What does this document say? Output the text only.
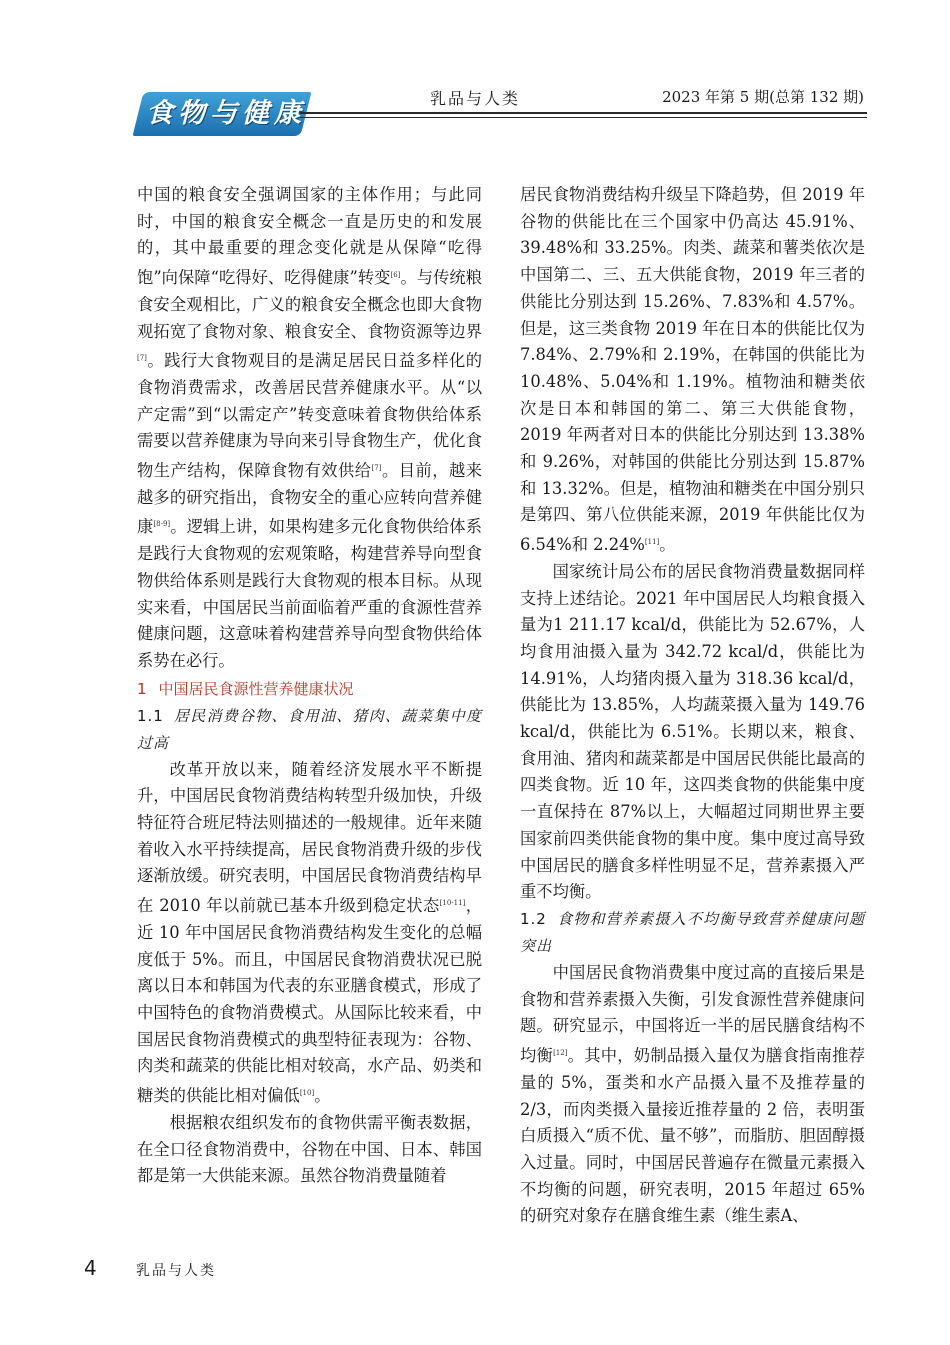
食物与健康	乳品与人类	2023 年第 5 期(总第 132 期)

中国的粮食安全强调国家的主体作用；与此同时，中国的粮食安全概念一直是历史的和发展的，其中最重要的理念变化就是从保障“吃得饱”向保障“吃得好、吃得健康”转变[6]。与传统粮食安全观相比，广义的粮食安全概念也即大食物观拓宽了食物对象、粮食安全、食物资源等边界[7]。践行大食物观目的是满足居民日益多样化的食物消费需求，改善居民营养健康水平。从“以产定需”到“以需定产”转变意味着食物供给体系需要以营养健康为导向来引导食物生产，优化食物生产结构，保障食物有效供给[7]。目前，越来越多的研究指出，食物安全的重心应转向营养健康[8-9]。逻辑上讲，如果构建多元化食物供给体系是践行大食物观的宏观策略，构建营养导向型食物供给体系则是践行大食物观的根本目标。从现实来看，中国居民当前面临着严重的食源性营养健康问题，这意味着构建营养导向型食物供给体系势在必行。

1 中国居民食源性营养健康状况

1.1 居民消费谷物、食用油、猪肉、蔬菜集中度过高

改革开放以来，随着经济发展水平不断提升，中国居民食物消费结构转型升级加快，升级特征符合班尼特法则描述的一般规律。近年来随着收入水平持续提高，居民食物消费升级的步伐逐渐放缓。研究表明，中国居民食物消费结构早在 2010 年以前就已基本升级到稳定状态[10-11]，近 10 年中国居民食物消费结构发生变化的总幅度低于 5%。而且，中国居民食物消费状况已脱离以日本和韩国为代表的东亚膳食模式，形成了中国特色的食物消费模式。从国际比较来看，中国居民食物消费模式的典型特征表现为：谷物、肉类和蔬菜的供能比相对较高，水产品、奶类和糖类的供能比相对偏低[10]。

根据粮农组织发布的食物供需平衡表数据，在全口径食物消费中，谷物在中国、日本、韩国都是第一大供能来源。虽然谷物消费量随着

居民食物消费结构升级呈下降趋势，但 2019 年谷物的供能比在三个国家中仍高达 45.91%、39.48%和 33.25%。肉类、蔬菜和薯类依次是中国第二、三、五大供能食物，2019 年三者的供能比分别达到 15.26%、7.83%和 4.57%。但是，这三类食物 2019 年在日本的供能比仅为 7.84%、2.79%和 2.19%，在韩国的供能比为 10.48%、5.04%和 1.19%。植物油和糖类依次是日本和韩国的第二、第三大供能食物，2019 年两者对日本的供能比分别达到 13.38%和 9.26%，对韩国的供能比分别达到 15.87%和 13.32%。但是，植物油和糖类在中国分别只是第四、第八位供能来源，2019 年供能比仅为 6.54%和 2.24%[11]。

国家统计局公布的居民食物消费量数据同样支持上述结论。2021 年中国居民人均粮食摄入量为1 211.17 kcal/d，供能比为 52.67%，人均食用油摄入量为 342.72 kcal/d，供能比为 14.91%，人均猪肉摄入量为 318.36 kcal/d，供能比为 13.85%，人均蔬菜摄入量为 149.76 kcal/d，供能比为 6.51%。长期以来，粮食、食用油、猪肉和蔬菜都是中国居民供能比最高的四类食物。近 10 年，这四类食物的供能集中度一直保持在 87%以上，大幅超过同期世界主要国家前四类供能食物的集中度。集中度过高导致中国居民的膳食多样性明显不足，营养素摄入严重不均衡。

1.2 食物和营养素摄入不均衡导致营养健康问题突出

中国居民食物消费集中度过高的直接后果是食物和营养素摄入失衡，引发食源性营养健康问题。研究显示，中国将近一半的居民膳食结构不均衡[12]。其中，奶制品摄入量仅为膳食指南推荐量的 5%，蛋类和水产品摄入量不及推荐量的 2/3，而肉类摄入量接近推荐量的 2 倍，表明蛋白质摄入“质不优、量不够”，而脂肪、胆固醇摄入过量。同时，中国居民普遍存在微量元素摄入不均衡的问题，研究表明，2015 年超过 65%的研究对象存在膳食维生素（维生素A、

4	乳品与人类
